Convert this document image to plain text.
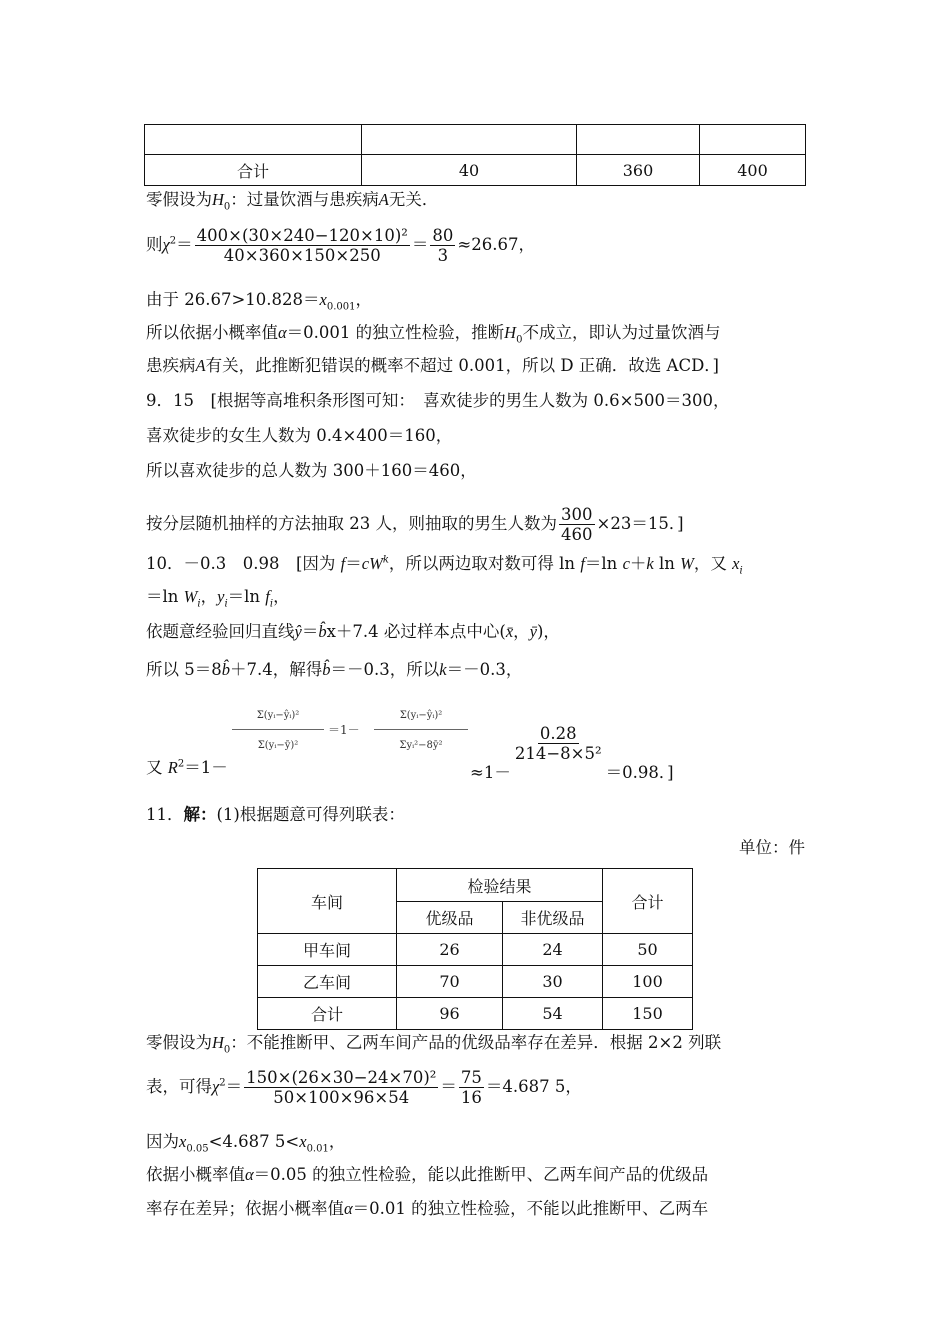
合计	40	360	400
零假设为$H_0$：过量饮酒与患疾病A无关．
则$\chi^2= \frac{\text{400×(30×240−120×10)²}}{40\times 360\times 150\times 250} = \frac{80}{3} \approx 26.67$，
由于 $26.67>10.828=x_{0.001}$，
所以依据小概率值α＝0.001 的独立性检验，推断$H_0$不成立，即认为过量饮酒与
患疾病A有关，此推断犯错误的概率不超过 0.001，所以 D 正确．故选 ACD．]
9．15　[根据等高堆积条形图可知：　喜欢徒步的男生人数为 0.6×500＝300，
喜欢徒步的女生人数为 0.4×400＝160，
所以喜欢徒步的总人数为 300＋160＝460，
按分层随机抽样的方法抽取 23 人，则抽取的男生人数为 $\frac{300}{460} \times 23=15$．]
10．－0.3　0.98　[因为 $f=cW^k$，所以两边取对数可得 ln f＝ln c＋k ln W，又 $x_i$
＝ln $W_i$，$y_i=\ln$ $f_i$，
依题意经验回归直线ŷ＝b̂x＋7.4 必过样本点中心(x̄，ȳ)，
所以 5＝8b̂＋7.4，解得b̂＝－0.3，所以k＝－0.3，
又 $R^2=1-$
Σ(yᵢ−ŷᵢ)²
Σ(yᵢ−ȳ)²
＝1－
Σ(yᵢ−ŷᵢ)²
Σyᵢ²−8ȳ²
≈1－
$\frac{0.28}{\text{214−8×5²}}$
＝0.98．]
11．解：(1)根据题意可得列联表：
单位：件
车间	检验结果		合计
	优级品	非优级品	
甲车间	26	24	50
乙车间	70	30	100
合计	96	54	150
零假设为$H_0$：不能推断甲、乙两车间产品的优级品率存在差异．根据 2×2 列联
表，可得$\chi^2= \frac{\text{150×(26×30−24×70)²}}{50\times 100\times 96\times 54} = \frac{75}{16} =4.687$ 5，
因为$x_{0.05}<4.687$ $5<x_{0.01}$，
依据小概率值α＝0.05 的独立性检验，能以此推断甲、乙两车间产品的优级品
率存在差异；依据小概率值α＝0.01 的独立性检验，不能以此推断甲、乙两车
